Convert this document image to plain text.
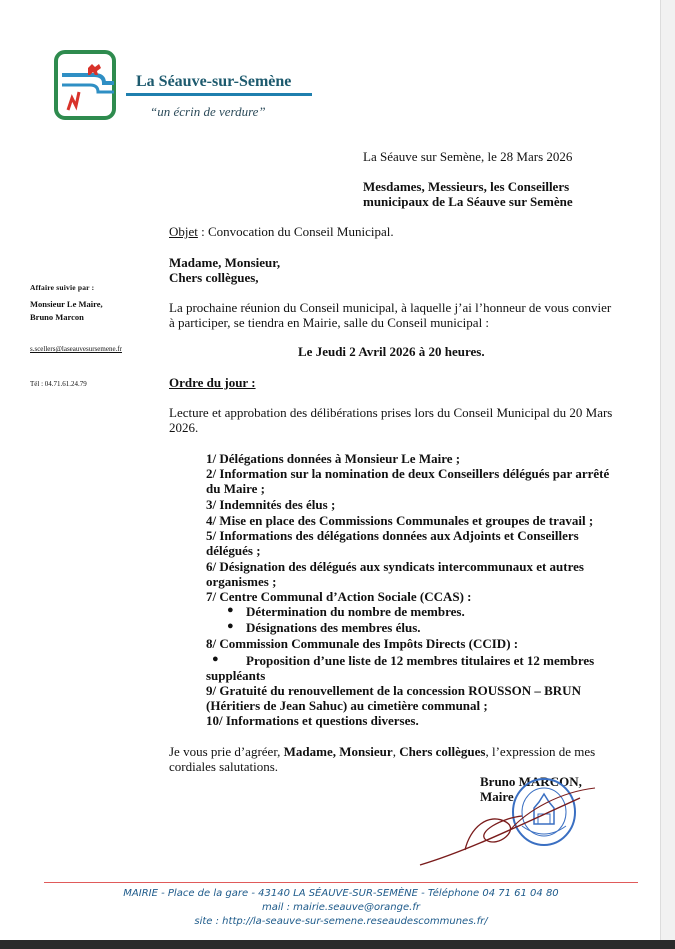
La Séauve-sur-Semène
“un écrin de verdure”
La Séauve sur Semène, le 28 Mars 2026
Mesdames, Messieurs, les Conseillers
municipaux de La Séauve sur Semène
Objet : Convocation du Conseil Municipal.
Madame, Monsieur,
Chers collègues,
Affaire suivie par :
Monsieur Le Maire,
Bruno Marcon
s.scellers@laseauvesursemene.fr
Tél : 04.71.61.24.79
La prochaine réunion du Conseil municipal, à laquelle j’ai l’honneur de vous convier
à participer, se tiendra en Mairie, salle du Conseil municipal :
Le Jeudi 2 Avril 2026 à 20 heures.
Ordre du jour :
Lecture et approbation des délibérations prises lors du Conseil Municipal du 20 Mars
2026.
1/ Délégations données à Monsieur Le Maire ;
2/ Information sur la nomination de deux Conseillers délégués par arrêté
du Maire ;
3/ Indemnités des élus ;
4/ Mise en place des Commissions Communales et groupes de travail ;
5/ Informations des délégations données aux Adjoints et Conseillers
délégués ;
6/ Désignation des délégués aux syndicats intercommunaux et autres
organismes ;
7/ Centre Communal d’Action Sociale (CCAS) :
● Détermination du nombre de membres.
● Désignations des membres élus.
8/ Commission Communale des Impôts Directs (CCID) :
● Proposition d’une liste de 12 membres titulaires et 12 membres
suppléants
9/ Gratuité du renouvellement de la concession ROUSSON – BRUN
(Héritiers de Jean Sahuc) au cimetière communal ;
10/ Informations et questions diverses.
Je vous prie d’agréer, Madame, Monsieur, Chers collègues, l’expression de mes
cordiales salutations.
Bruno MARCON,
Maire
MAIRIE - Place de la gare - 43140 LA SÉAUVE-SUR-SEMÈNE - Téléphone 04 71 61 04 80
mail : mairie.seauve@orange.fr
site : http://la-seauve-sur-semene.reseaudescommunes.fr/
